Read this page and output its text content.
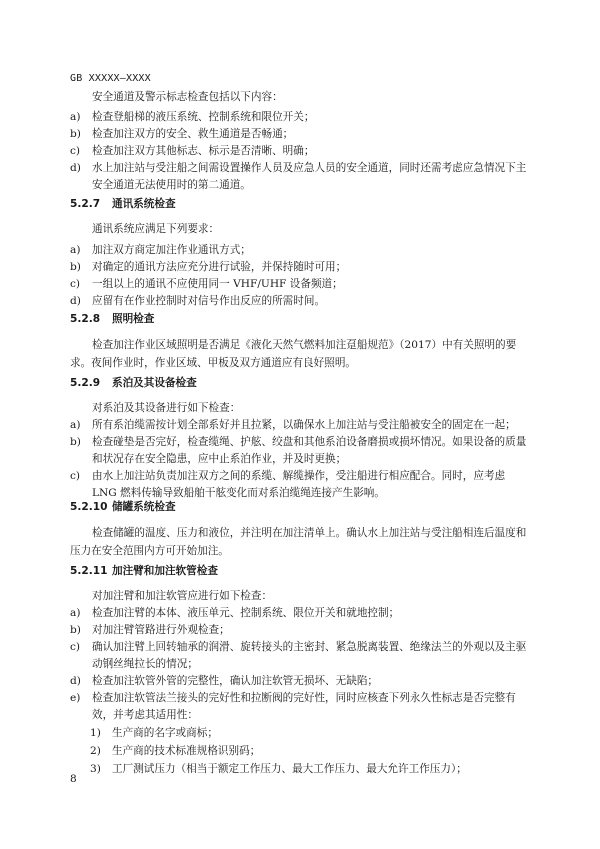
GB XXXXX—XXXX

安全通道及警示标志检查包括以下内容：

a)	检查登船梯的液压系统、控制系统和限位开关；
b)	检查加注双方的安全、救生通道是否畅通；
c)	检查加注双方其他标志、标示是否清晰、明确；
d)	水上加注站与受注船之间需设置操作人员及应急人员的安全通道，同时还需考虑应急情况下主安全通道无法使用时的第二通道。
5.2.7	通讯系统检查

通讯系统应满足下列要求：

a)	加注双方商定加注作业通讯方式；
b)	对确定的通讯方法应充分进行试验，并保持随时可用；
c)	一组以上的通讯不应使用同一 VHF/UHF 设备频道；
d)	应留有在作业控制时对信号作出反应的所需时间。
5.2.8	照明检查

检查加注作业区域照明是否满足《液化天然气燃料加注趸船规范》（2017）中有关照明的要求。夜间作业时，作业区域、甲板及双方通道应有良好照明。

5.2.9	系泊及其设备检查

对系泊及其设备进行如下检查：

a)	所有系泊缆需按计划全部系好并且拉紧，以确保水上加注站与受注船被安全的固定在一起；
b)	检查碰垫是否完好，检查缆绳、护舷、绞盘和其他系泊设备磨损或损坏情况。如果设备的质量和状况存在安全隐患，应中止系泊作业，并及时更换；
c)	由水上加注站负责加注双方之间的系缆、解缆操作，受注船进行相应配合。同时，应考虑 LNG 燃料传输导致船舶干舷变化而对系泊缆绳连接产生影响。
5.2.10 储罐系统检查

检查储罐的温度、压力和液位，并注明在加注清单上。确认水上加注站与受注船相连后温度和压力在安全范围内方可开始加注。

5.2.11 加注臂和加注软管检查

对加注臂和加注软管应进行如下检查：

a)	检查加注臂的本体、液压单元、控制系统、限位开关和就地控制；
b)	对加注臂管路进行外观检查；
c)	确认加注臂上回转轴承的润滑、旋转接头的主密封、紧急脱离装置、绝缘法兰的外观以及主驱动钢丝绳拉长的情况；
d)	检查加注软管外管的完整性，确认加注软管无损坏、无缺陷；
e)	检查加注软管法兰接头的完好性和拉断阀的完好性，同时应核查下列永久性标志是否完整有效，并考虑其适用性：
1)	生产商的名字或商标；
2)	生产商的技术标准规格识别码；
3)	工厂测试压力（相当于额定工作压力、最大工作压力、最大允许工作压力）；
8
